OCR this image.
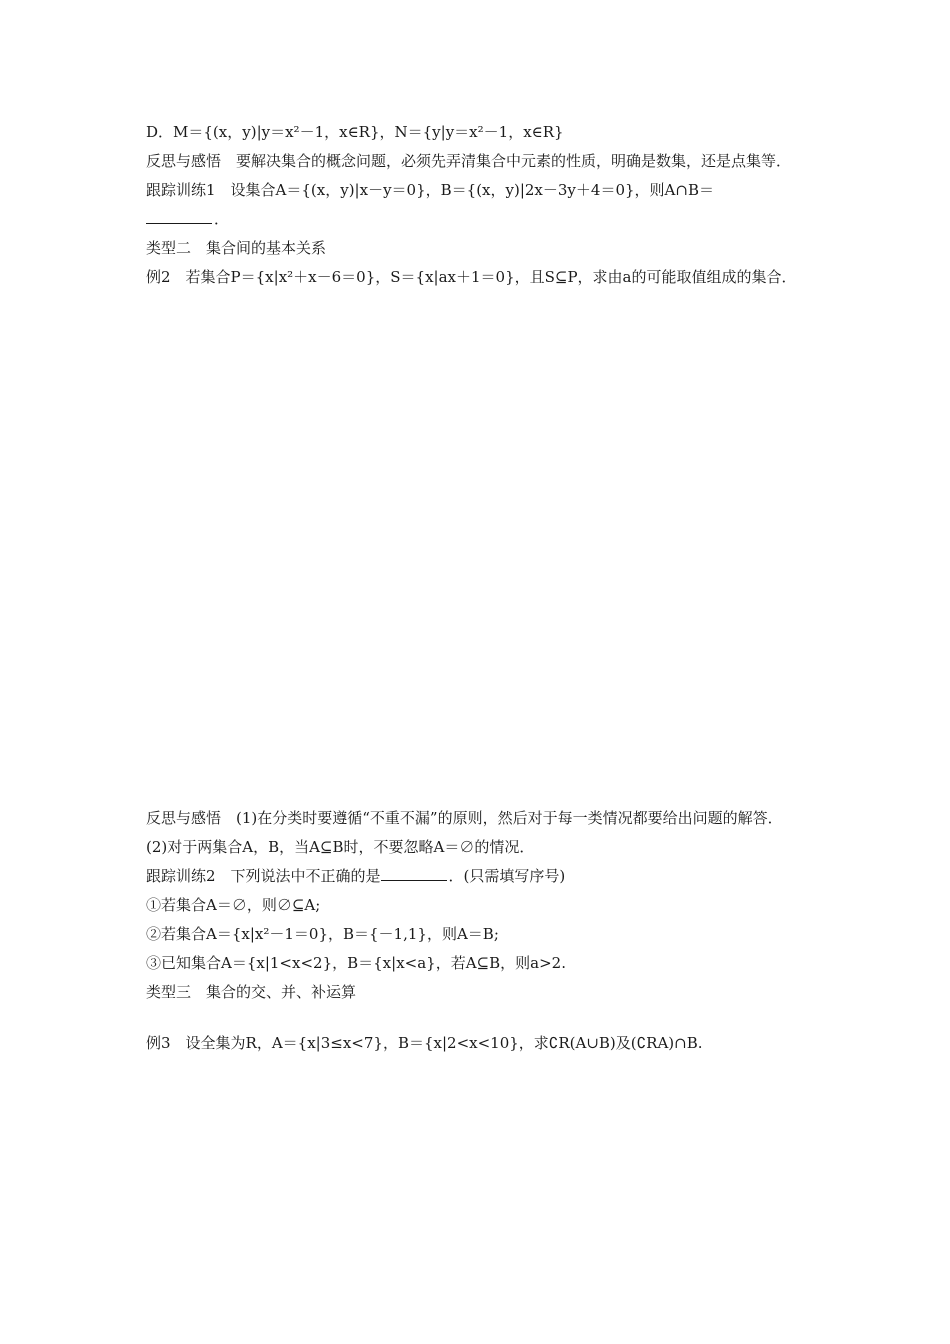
D．M＝{(x，y)|y＝x²－1，x∈R}，N＝{y|y＝x²－1，x∈R}

反思与感悟　要解决集合的概念问题，必须先弄清集合中元素的性质，明确是数集，还是点集等．

跟踪训练1　设集合A＝{(x，y)|x－y＝0}，B＝{(x，y)|2x－3y＋4＝0}，则A∩B＝

．

类型二　集合间的基本关系

例2　若集合P＝{x|x²＋x－6＝0}，S＝{x|ax＋1＝0}，且S⊆P，求由a的可能取值组成的集合．

反思与感悟　(1)在分类时要遵循“不重不漏”的原则，然后对于每一类情况都要给出问题的解答．

(2)对于两集合A，B，当A⊆B时，不要忽略A＝∅的情况．

跟踪训练2　下列说法中不正确的是	．(只需填写序号)

①若集合A＝∅，则∅⊆A;

②若集合A＝{x|x²－1＝0}，B＝{－1,1}，则A＝B;

③已知集合A＝{x|1<x<2}，B＝{x|x<a}，若A⊆B，则a>2.

类型三　集合的交、并、补运算

例3　设全集为R，A＝{x|3≤x<7}，B＝{x|2<x<10}，求∁R(A∪B)及(∁RA)∩B.
